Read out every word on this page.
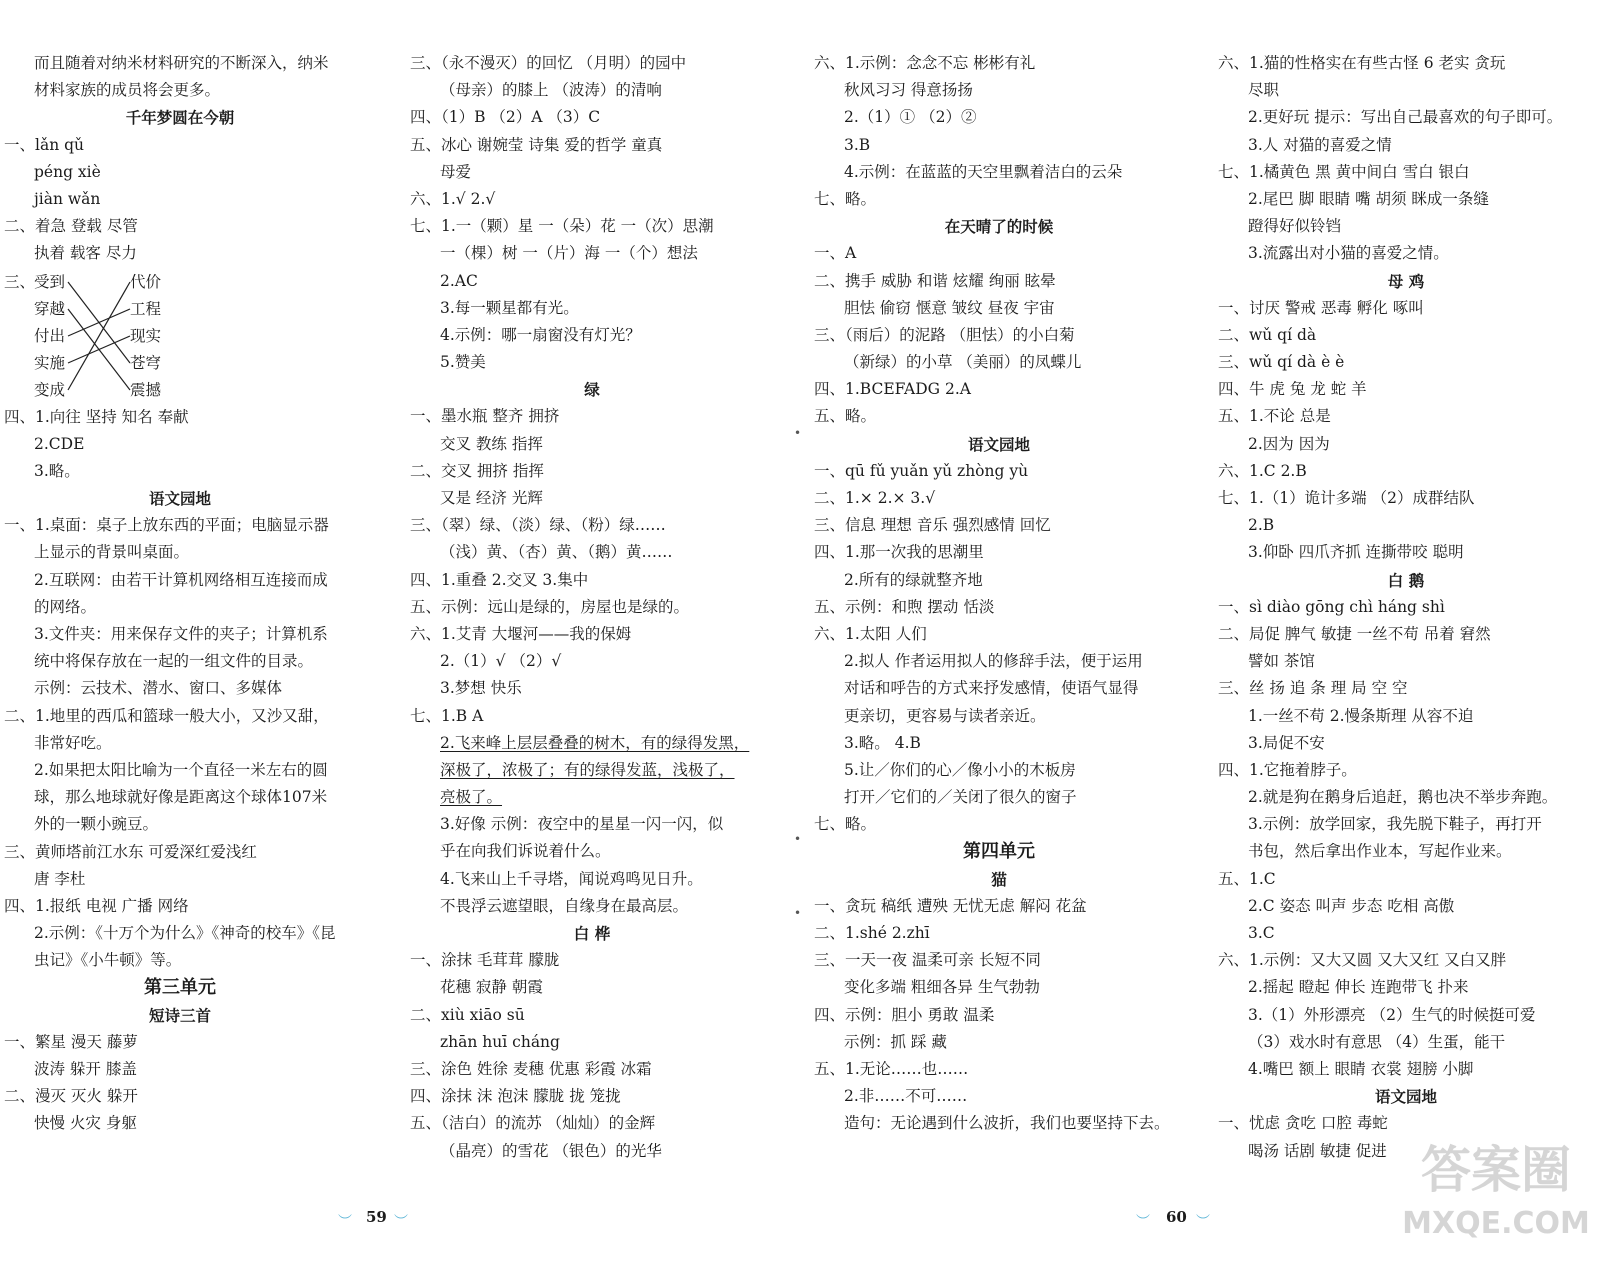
而且随着对纳米材料研究的不断深入，纳米
材料家族的成员将会更多。
千年梦圆在今朝
一、lǎn qǔ
péng xiè
jiàn wǎn
二、着急 登载 尽管
执着 载客 尽力
三、
受到
穿越
付出
实施
变成
代价
工程
现实
苍穹
震撼
四、1.向往 坚持 知名 奉献
2.CDE
3.略。
语文园地
一、1.桌面：桌子上放东西的平面；电脑显示器
上显示的背景叫桌面。
2.互联网：由若干计算机网络相互连接而成
的网络。
3.文件夹：用来保存文件的夹子；计算机系
统中将保存放在一起的一组文件的目录。
示例：云技术、潜水、窗口、多媒体
二、1.地里的西瓜和篮球一般大小，又沙又甜，
非常好吃。
2.如果把太阳比喻为一个直径一米左右的圆
球，那么地球就好像是距离这个球体107米
外的一颗小豌豆。
三、黄师塔前江水东 可爱深红爱浅红
唐 李杜
四、1.报纸 电视 广播 网络
2.示例：《十万个为什么》《神奇的校车》《昆
虫记》《小牛顿》等。
第三单元
短诗三首
一、繁星 漫天 藤萝
波涛 躲开 膝盖
二、漫灭 灭火 躲开
快慢 火灾 身躯
三、（永不漫灭）的回忆 （月明）的园中
（母亲）的膝上 （波涛）的清响
四、（1）B （2）A （3）C
五、冰心 谢婉莹 诗集 爱的哲学 童真
母爱
六、1.√ 2.√
七、1.一（颗）星 一（朵）花 一（次）思潮
一（棵）树 一（片）海 一（个）想法
2.AC
3.每一颗星都有光。
4.示例：哪一扇窗没有灯光？
5.赞美
绿
一、墨水瓶 整齐 拥挤
交叉 教练 指挥
二、交叉 拥挤 指挥
又是 经济 光辉
三、（翠）绿、（淡）绿、（粉）绿……
（浅）黄、（杏）黄、（鹅）黄……
四、1.重叠 2.交叉 3.集中
五、示例：远山是绿的，房屋也是绿的。
六、1.艾青 大堰河——我的保姆
2.（1）√ （2）√
3.梦想 快乐
七、1.B A
2.飞来峰上层层叠叠的树木，有的绿得发黑，
深极了，浓极了；有的绿得发蓝，浅极了，
亮极了。
3.好像 示例：夜空中的星星一闪一闪，似
乎在向我们诉说着什么。
4.飞来山上千寻塔，闻说鸡鸣见日升。
不畏浮云遮望眼，自缘身在最高层。
白 桦
一、涂抹 毛茸茸 朦胧
花穗 寂静 朝霞
二、xiù xiāo sū
zhān huī cháng
三、涂色 姓徐 麦穗 优惠 彩霞 冰霜
四、涂抹 沫 泡沫 朦胧 拢 笼拢
五、（洁白）的流苏 （灿灿）的金辉
（晶亮）的雪花 （银色）的光华
六、1.示例：念念不忘 彬彬有礼
秋风习习 得意扬扬
2.（1）① （2）②
3.B
4.示例：在蓝蓝的天空里飘着洁白的云朵
七、略。
在天晴了的时候
一、A
二、携手 威胁 和谐 炫耀 绚丽 眩晕
胆怯 偷窃 惬意 皱纹 昼夜 宇宙
三、（雨后）的泥路 （胆怯）的小白菊
（新绿）的小草 （美丽）的凤蝶儿
四、1.BCEFADG 2.A
五、略。
语文园地
一、qū fǔ yuǎn yǔ zhòng yù
二、1.× 2.× 3.√
三、信息 理想 音乐 强烈感情 回忆
四、1.那一次我的思潮里
2.所有的绿就整齐地
五、示例：和煦 摆动 恬淡
六、1.太阳 人们
2.拟人 作者运用拟人的修辞手法，便于运用
对话和呼告的方式来抒发感情，使语气显得
更亲切，更容易与读者亲近。
3.略。 4.B
5.让／你们的心／像小小的木板房
打开／它们的／关闭了很久的窗子
七、略。
第四单元
猫
一、贪玩 稿纸 遭殃 无忧无虑 解闷 花盆
二、1.shé 2.zhī
三、一天一夜 温柔可亲 长短不同
变化多端 粗细各异 生气勃勃
四、示例：胆小 勇敢 温柔
示例：抓 踩 藏
五、1.无论……也……
2.非……不可……
造句：无论遇到什么波折，我们也要坚持下去。
六、1.猫的性格实在有些古怪 6 老实 贪玩
尽职
2.更好玩 提示：写出自己最喜欢的句子即可。
3.人 对猫的喜爱之情
七、1.橘黄色 黑 黄中间白 雪白 银白
2.尾巴 脚 眼睛 嘴 胡须 眯成一条缝
蹬得好似铃铛
3.流露出对小猫的喜爱之情。
母 鸡
一、讨厌 警戒 恶毒 孵化 啄叫
二、wǔ qí dà
三、wǔ qí dà è è
四、牛 虎 兔 龙 蛇 羊
五、1.不论 总是
2.因为 因为
六、1.C 2.B
七、1.（1）诡计多端 （2）成群结队
2.B
3.仰卧 四爪齐抓 连撕带咬 聪明
白 鹅
一、sì diào gōng chì háng shì
二、局促 脾气 敏捷 一丝不苟 吊着 窘然
譬如 茶馆
三、丝 扬 追 条 理 局 空 空
1.一丝不苟 2.慢条斯理 从容不迫
3.局促不安
四、1.它拖着脖子。
2.就是狗在鹅身后追赶，鹅也决不举步奔跑。
3.示例：放学回家，我先脱下鞋子，再打开
书包，然后拿出作业本，写起作业来。
五、1.C
2.C 姿态 叫声 步态 吃相 高傲
3.C
六、1.示例：又大又圆 又大又红 又白又胖
2.摇起 瞪起 伸长 连跑带飞 扑来
3.（1）外形漂亮 （2）生气的时候挺可爱
（3）戏水时有意思 （4）生蛋，能干
4.嘴巴 额上 眼睛 衣裳 翅膀 小脚
语文园地
一、忧虑 贪吃 口腔 毒蛇
喝汤 话剧 敏捷 促进
•
•
•
︶ 59 ︶	︶ 60 ︶
答案圈
MXQE.COM
